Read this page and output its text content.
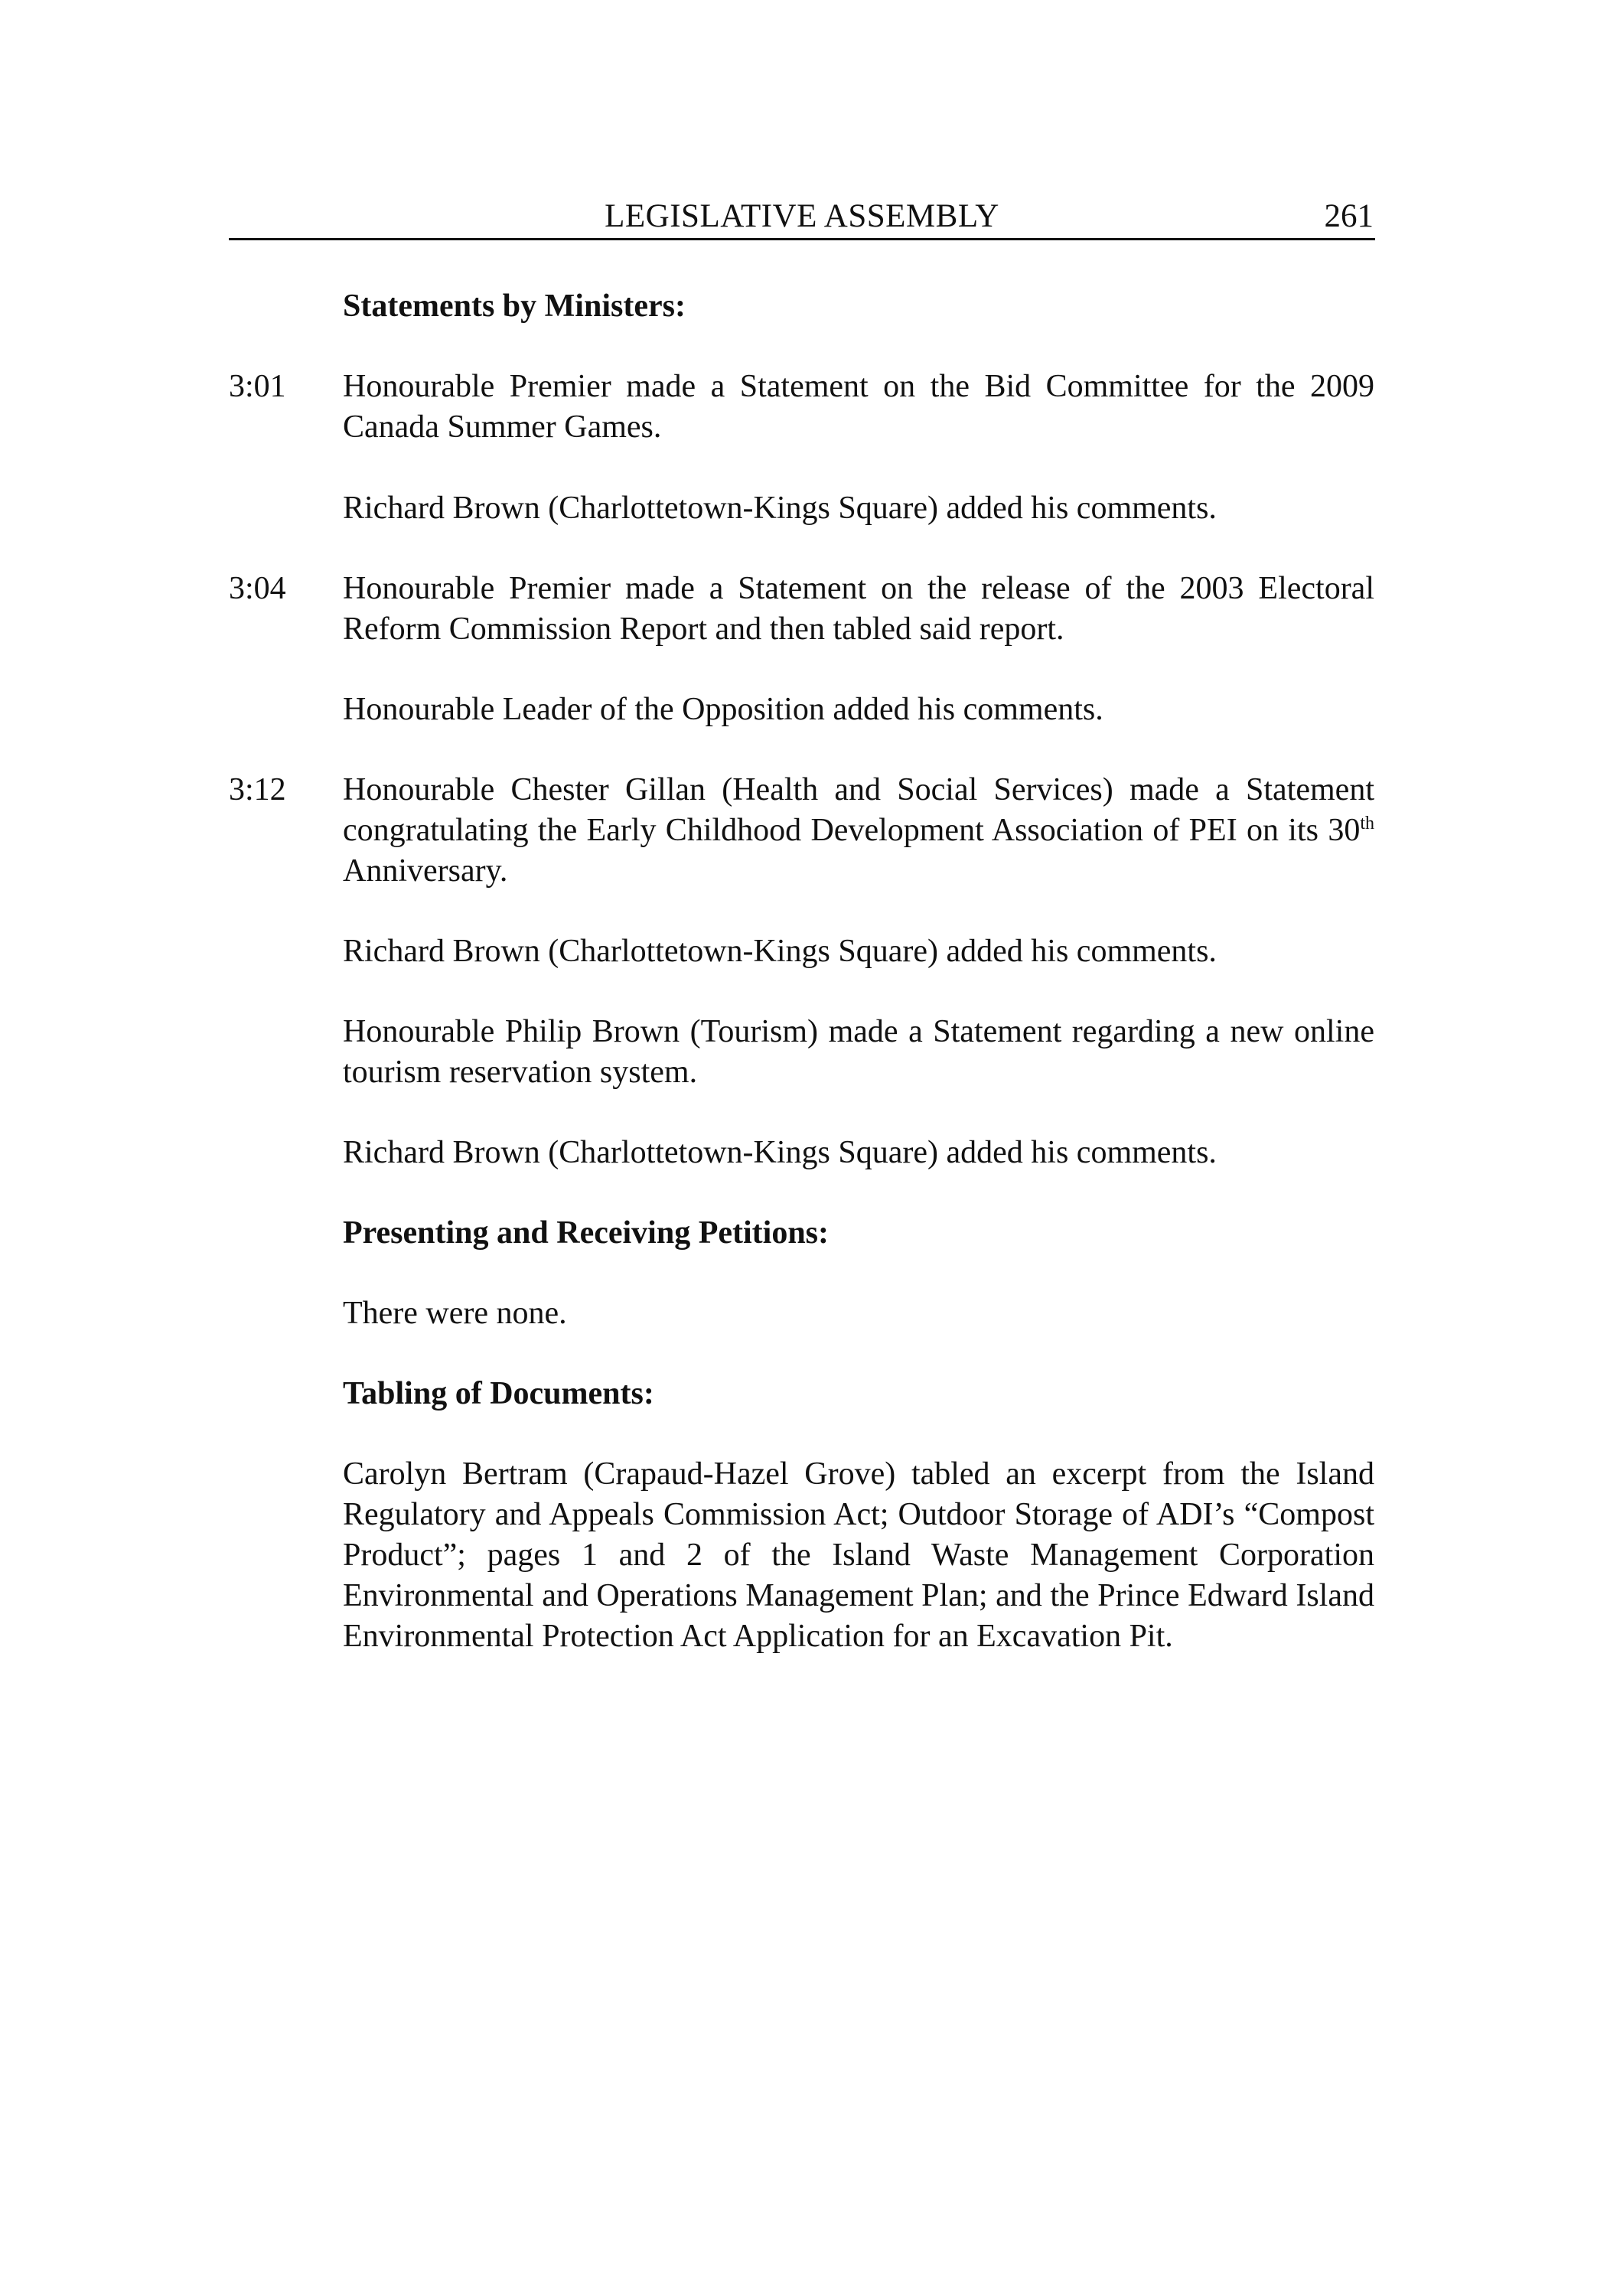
LEGISLATIVE ASSEMBLY	261
Statements by Ministers:
3:01 Honourable Premier made a Statement on the Bid Committee for the 2009 Canada Summer Games.
Richard Brown (Charlottetown-Kings Square) added his comments.
3:04 Honourable Premier made a Statement on the release of the 2003 Electoral Reform Commission Report and then tabled said report.
Honourable Leader of the Opposition added his comments.
3:12 Honourable Chester Gillan (Health and Social Services) made a Statement congratulating the Early Childhood Development Association of PEI on its 30th Anniversary.
Richard Brown (Charlottetown-Kings Square) added his comments.
Honourable Philip Brown (Tourism) made a Statement regarding a new online tourism reservation system.
Richard Brown (Charlottetown-Kings Square) added his comments.
Presenting and Receiving Petitions:
There were none.
Tabling of Documents:
Carolyn Bertram (Crapaud-Hazel Grove) tabled an excerpt from the Island Regulatory and Appeals Commission Act; Outdoor Storage of ADI’s “Compost Product”; pages 1 and 2 of the Island Waste Management Corporation Environmental and Operations Management Plan; and the Prince Edward Island Environmental Protection Act Application for an Excavation Pit.
